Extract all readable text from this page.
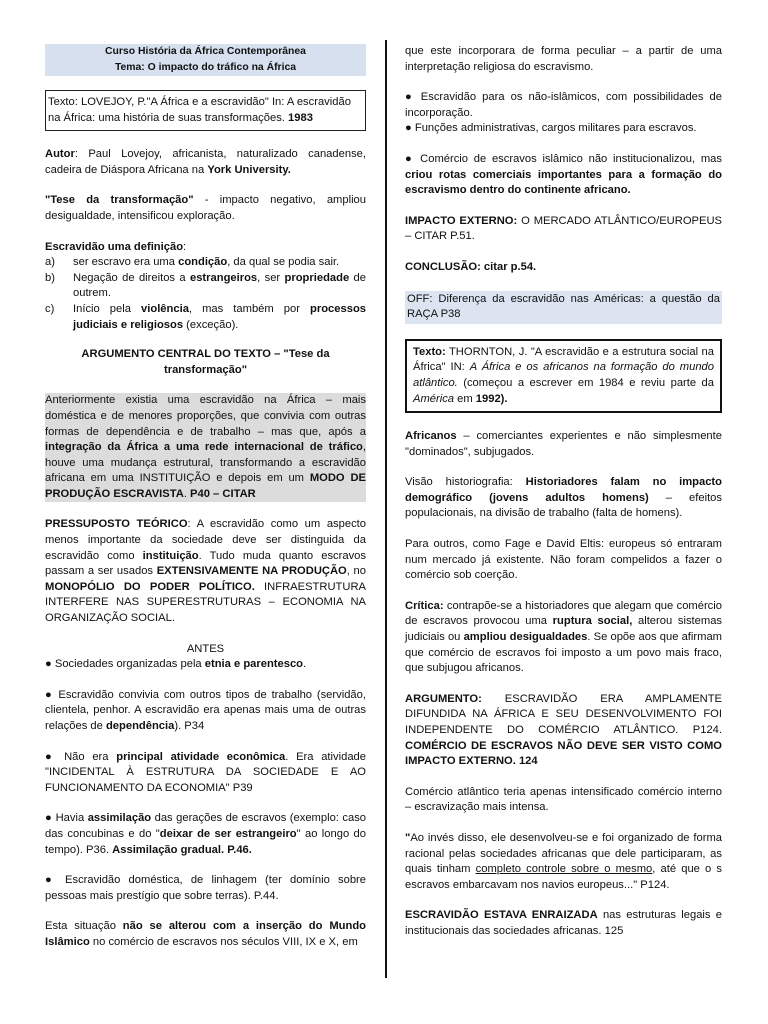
Curso História da África Contemporânea
Tema: O impacto do tráfico na África
Texto: LOVEJOY, P."A África e a escravidão" In: A escravidão na África: uma história de suas transformações. 1983

Autor: Paul Lovejoy, africanista, naturalizado canadense, cadeira de Diáspora Africana na York University.

"Tese da transformação" - impacto negativo, ampliou desigualdade, intensificou exploração.

Escravidão uma definição:

a)	ser escravo era uma condição, da qual se podia sair.
b)	Negação de direitos a estrangeiros, ser propriedade de outrem.
c)	Início pela violência, mas também por processos judiciais e religiosos (exceção).

ARGUMENTO CENTRAL DO TEXTO – "Tese da transformação"

Anteriormente existia uma escravidão na África – mais doméstica e de menores proporções, que convivia com outras formas de dependência e de trabalho – mas que, após a integração da África a uma rede internacional de tráfico, houve uma mudança estrutural, transformando a escravidão africana em uma INSTITUIÇÃO e depois em um MODO DE PRODUÇÃO ESCRAVISTA. P40 – CITAR

PRESSUPOSTO TEÓRICO: A escravidão como um aspecto menos importante da sociedade deve ser distinguida da escravidão como instituição. Tudo muda quanto escravos passam a ser usados EXTENSIVAMENTE NA PRODUÇÃO, no MONOPÓLIO DO PODER POLÍTICO. INFRAESTRUTURA INTERFERE NAS SUPERESTRUTURAS – ECONOMIA NA ORGANIZAÇÃO SOCIAL.

ANTES

● Sociedades organizadas pela etnia e parentesco.

● Escravidão convivia com outros tipos de trabalho (servidão, clientela, penhor. A escravidão era apenas mais uma de outras relações de dependência). P34

● Não era principal atividade econômica. Era atividade "INCIDENTAL À ESTRUTURA DA SOCIEDADE E AO FUNCIONAMENTO DA ECONOMIA" P39

● Havia assimilação das gerações de escravos (exemplo: caso das concubinas e do "deixar de ser estrangeiro" ao longo do tempo). P36. Assimilação gradual. P.46.

● Escravidão doméstica, de linhagem (ter domínio sobre pessoas mais prestígio que sobre terras). P.44.

Esta situação não se alterou com a inserção do Mundo Islâmico no comércio de escravos nos séculos VIII, IX e X, em

que este incorporara de forma peculiar – a partir de uma interpretação religiosa do escravismo.

● Escravidão para os não-islâmicos, com possibilidades de incorporação.

● Funções administrativas, cargos militares para escravos.

● Comércio de escravos islâmico não institucionalizou, mas criou rotas comerciais importantes para a formação do escravismo dentro do continente africano.

IMPACTO EXTERNO: O MERCADO ATLÂNTICO/EUROPEUS – CITAR P.51.

CONCLUSÃO: citar p.54.

OFF: Diferença da escravidão nas Américas: a questão da RAÇA P38

Texto: THORNTON, J. "A escravidão e a estrutura social na África" IN: A África e os africanos na formação do mundo atlântico. (começou a escrever em 1984 e reviu parte da América em 1992).

Africanos – comerciantes experientes e não simplesmente "dominados", subjugados.

Visão historiografia: Historiadores falam no impacto demográfico (jovens adultos homens) – efeitos populacionais, na divisão de trabalho (falta de homens).

Para outros, como Fage e David Eltis: europeus só entraram num mercado já existente. Não foram compelidos a fazer o comércio sob coerção.

Crítica: contrapõe-se a historiadores que alegam que comércio de escravos provocou uma ruptura social, alterou sistemas judiciais ou ampliou desigualdades. Se opõe aos que afirmam que comércio de escravos foi imposto a um povo mais fraco, que subjugou africanos.

ARGUMENTO: ESCRAVIDÃO ERA AMPLAMENTE DIFUNDIDA NA ÁFRICA E SEU DESENVOLVIMENTO FOI INDEPENDENTE DO COMÉRCIO ATLÂNTICO. P124. COMÉRCIO DE ESCRAVOS NÃO DEVE SER VISTO COMO IMPACTO EXTERNO. 124

Comércio atlântico teria apenas intensificado comércio interno – escravização mais intensa.

"Ao invés disso, ele desenvolveu-se e foi organizado de forma racional pelas sociedades africanas que dele participaram, as quais tinham completo controle sobre o mesmo, até que o s escravos embarcavam nos navios europeus..." P124.

ESCRAVIDÃO ESTAVA ENRAIZADA nas estruturas legais e institucionais das sociedades africanas. 125
